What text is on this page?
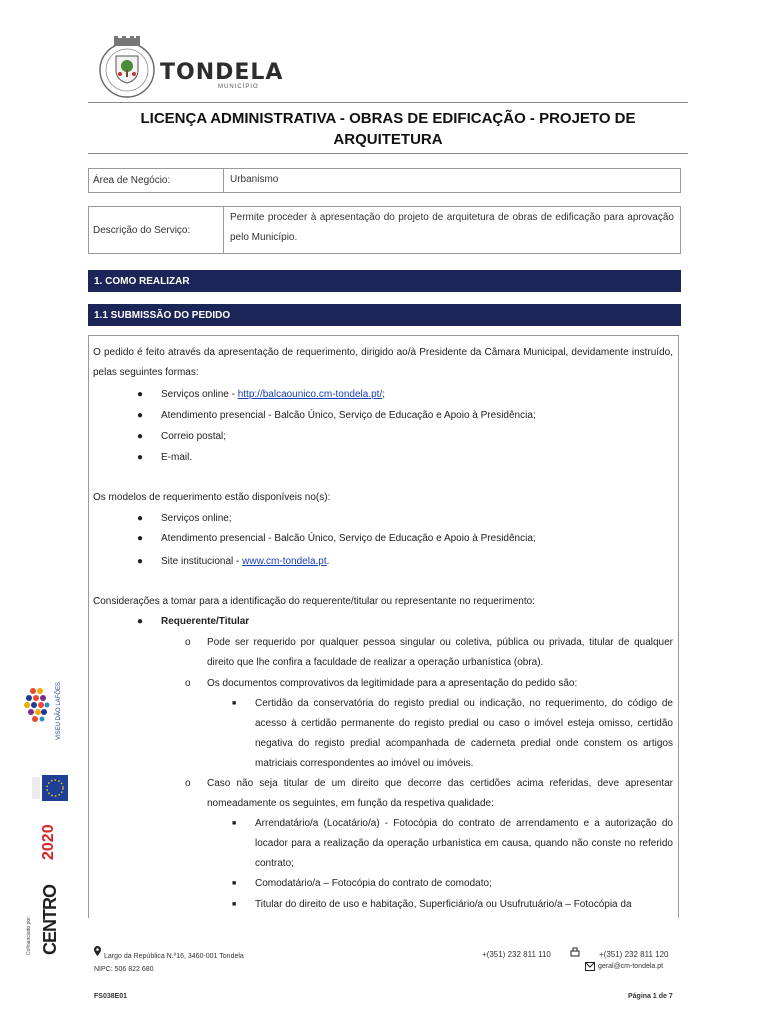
TONDELA
MUNICÍPIO
LICENÇA ADMINISTRATIVA - OBRAS DE EDIFICAÇÃO - PROJETO DE
ARQUITETURA
Área de Negócio:	Urbanismo
Descrição do Serviço:
Permite proceder à apresentação do projeto de arquitetura de obras de edificação para aprovação pelo Município.
1. COMO REALIZAR
1.1 SUBMISSÃO DO PEDIDO
O pedido é feito através da apresentação de requerimento, dirigido ao/à Presidente da Câmara Municipal, devidamente instruído, pelas seguintes formas:
● Serviços online - http://balcaounico.cm-tondela.pt/;
● Atendimento presencial - Balcão Único, Serviço de Educação e Apoio à Presidência;
● Correio postal;
● E-mail.
Os modelos de requerimento estão disponíveis no(s):
● Serviços online;
● Atendimento presencial - Balcão Único, Serviço de Educação e Apoio à Presidência;
● Site institucional - www.cm-tondela.pt.
Considerações a tomar para a identificação do requerente/titular ou representante no requerimento:
● Requerente/Titular
o Pode ser requerido por qualquer pessoa singular ou coletiva, pública ou privada, titular de qualquer direito que lhe confira a faculdade de realizar a operação urbanística (obra).
o Os documentos comprovativos da legitimidade para a apresentação do pedido são:
■ Certidão da conservatória do registo predial ou indicação, no requerimento, do código de acesso à certidão permanente do registo predial ou caso o imóvel esteja omisso, certidão negativa do registo predial acompanhada de caderneta predial onde constem os artigos matriciais correspondentes ao imóvel ou imóveis.
o Caso não seja titular de um direito que decorre das certidões acima referidas, deve apresentar nomeadamente os seguintes, em função da respetiva qualidade:
■ Arrendatário/a (Locatário/a) - Fotocópia do contrato de arrendamento e a autorização do locador para a realização da operação urbanística em causa, quando não conste no referido contrato;
■ Comodatário/a – Fotocópia do contrato de comodato;
■ Titular do direito de uso e habitação, Superficiário/a ou Usufrutuário/a – Fotocópia da
VISEU DÃO LAFÕES
2020
CENTRO
Cofinanciado por:
Largo da República N.º16, 3460-001 Tondela
NIPC: 506 822 680
+(351) 232 811 110	+(351) 232 811 120
geral@cm-tondela.pt
FS038E01	Página 1 de 7
